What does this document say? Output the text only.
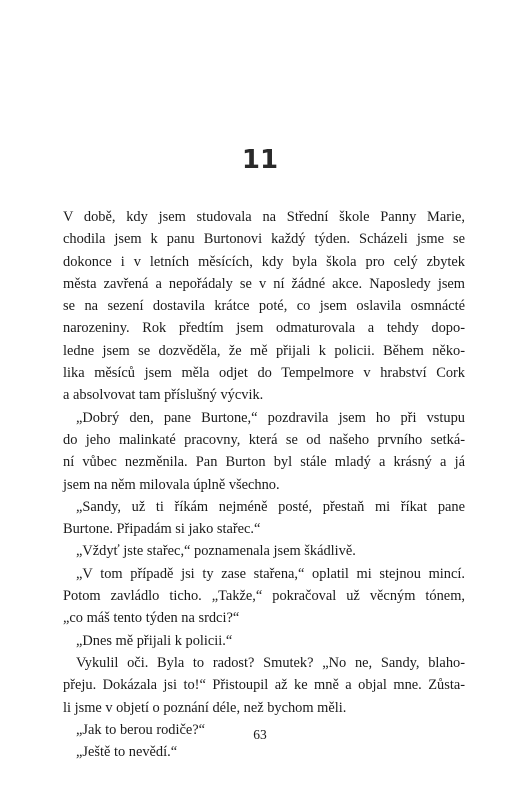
11
V době, kdy jsem studovala na Střední škole Panny Marie,
chodila jsem k panu Burtonovi každý týden. Scházeli jsme se
dokonce i v letních měsících, kdy byla škola pro celý zbytek
města zavřená a nepořádaly se v ní žádné akce. Naposledy jsem
se na sezení dostavila krátce poté, co jsem oslavila osmnácté
narozeniny. Rok předtím jsem odmaturovala a tehdy dopo-
ledne jsem se dozvěděla, že mě přijali k policii. Během něko-
lika měsíců jsem měla odjet do Tempelmore v hrabství Cork
a absolvovat tam příslušný výcvik.
„Dobrý den, pane Burtone,“ pozdravila jsem ho při vstupu
do jeho malinkaté pracovny, která se od našeho prvního setká-
ní vůbec nezměnila. Pan Burton byl stále mladý a krásný a já
jsem na něm milovala úplně všechno.
„Sandy, už ti říkám nejméně posté, přestaň mi říkat pane
Burtone. Připadám si jako stařec.“
„Vždyť jste stařec,“ poznamenala jsem škádlivě.
„V tom případě jsi ty zase stařena,“ oplatil mi stejnou mincí.
Potom zavládlo ticho. „Takže,“ pokračoval už věcným tónem,
„co máš tento týden na srdci?“
„Dnes mě přijali k policii.“
Vykulil oči. Byla to radost? Smutek? „No ne, Sandy, blaho-
přeju. Dokázala jsi to!“ Přistoupil až ke mně a objal mne. Zůsta-
li jsme v objetí o poznání déle, než bychom měli.
„Jak to berou rodiče?“
„Ještě to nevědí.“
63
